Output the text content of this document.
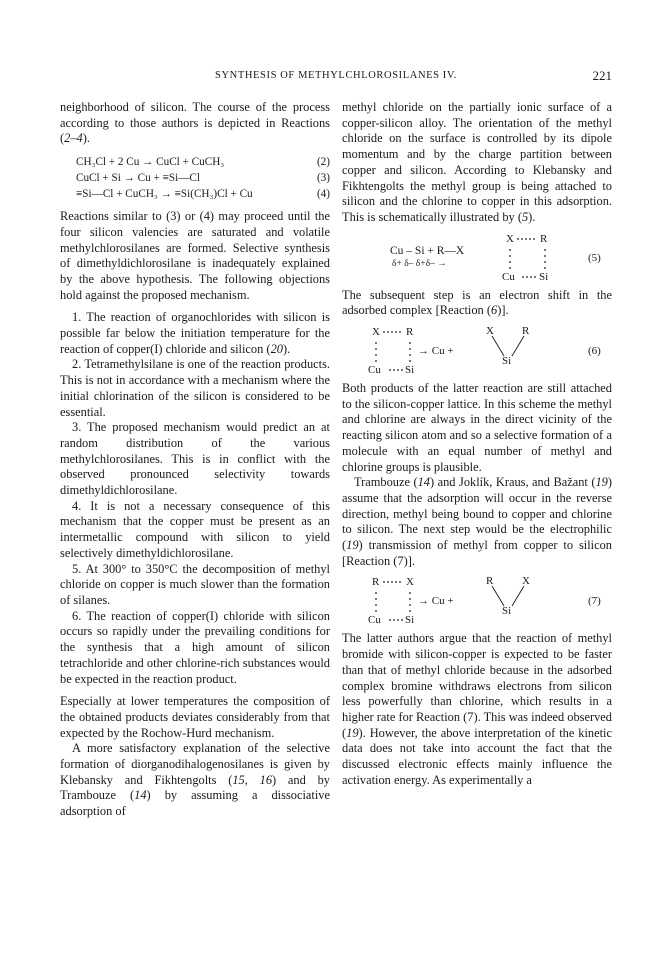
SYNTHESIS OF METHYLCHLOROSILANES IV.	221

neighborhood of silicon. The course of the process according to those authors is depicted in Reactions (2–4).

CH₃Cl + 2 Cu → CuCl + CuCH₃	(2)
CuCl + Si → Cu + ≡Si—Cl	(3)
≡Si—Cl + CuCH₃ → ≡Si(CH₃)Cl + Cu	(4)

Reactions similar to (3) or (4) may proceed until the four silicon valencies are saturated and volatile methylchlorosilanes are formed. Selective synthesis of dimethyldichlorosilane is inadequately explained by the above hypothesis. The following objections hold against the proposed mechanism.

1. The reaction of organochlorides with silicon is possible far below the initiation temperature for the reaction of copper(I) chloride and silicon (20).

2. Tetramethylsilane is one of the reaction products. This is not in accordance with a mechanism where the initial chlorination of the silicon is considered to be essential.

3. The proposed mechanism would predict an at random distribution of the various methylchlorosilanes. This is in conflict with the observed pronounced selectivity towards dimethyldichlorosilane.

4. It is not a necessary consequence of this mechanism that the copper must be present as an intermetallic compound with silicon to yield selectively dimethyldichlorosilane.

5. At 300° to 350°C the decomposition of methyl chloride on copper is much slower than the formation of silanes.

6. The reaction of copper(I) chloride with silicon occurs so rapidly under the prevailing conditions for the synthesis that a high amount of silicon tetrachloride and other chlorine-rich substances would be expected in the reaction product.

Especially at lower temperatures the composition of the obtained products deviates considerably from that expected by the Rochow-Hurd mechanism.

A more satisfactory explanation of the selective formation of diorganodihalogenosilanes is given by Klebansky and Fikhtengolts (15, 16) and by Trambouze (14) by assuming a dissociative adsorption of

methyl chloride on the partially ionic surface of a copper-silicon alloy. The orientation of the methyl chloride on the surface is controlled by its dipole momentum and by the charge partition between copper and silicon. According to Klebansky and Fikhtengolts the methyl group is being attached to silicon and the chlorine to copper in this adsorption. This is schematically illustrated by (5).

Cu – Si + R—X
δ+ δ– δ+δ– →
X R
Cu Si
(5)

The subsequent step is an electron shift in the adsorbed complex [Reaction (6)].

X R
Cu Si
→ Cu +
X	R
Si
(6)

Both products of the latter reaction are still attached to the silicon-copper lattice. In this scheme the methyl and chlorine are always in the direct vicinity of the reacting silicon atom and so a selective formation of a molecule with an equal number of methyl and chlorine groups is plausible.

Trambouze (14) and Joklík, Kraus, and Bažant (19) assume that the adsorption will occur in the reverse direction, methyl being bound to copper and chlorine to silicon. The next step would be the electrophilic (19) transmission of methyl from copper to silicon [Reaction (7)].

R X
Cu Si
→ Cu +
R	X
Si
(7)

The latter authors argue that the reaction of methyl bromide with silicon-copper is expected to be faster than that of methyl chloride because in the adsorbed complex bromine withdraws electrons from silicon less powerfully than chlorine, which results in a higher rate for Reaction (7). This was indeed observed (19). However, the above interpretation of the kinetic data does not take into account the fact that the discussed electronic effects mainly influence the activation energy. As experimentally a
